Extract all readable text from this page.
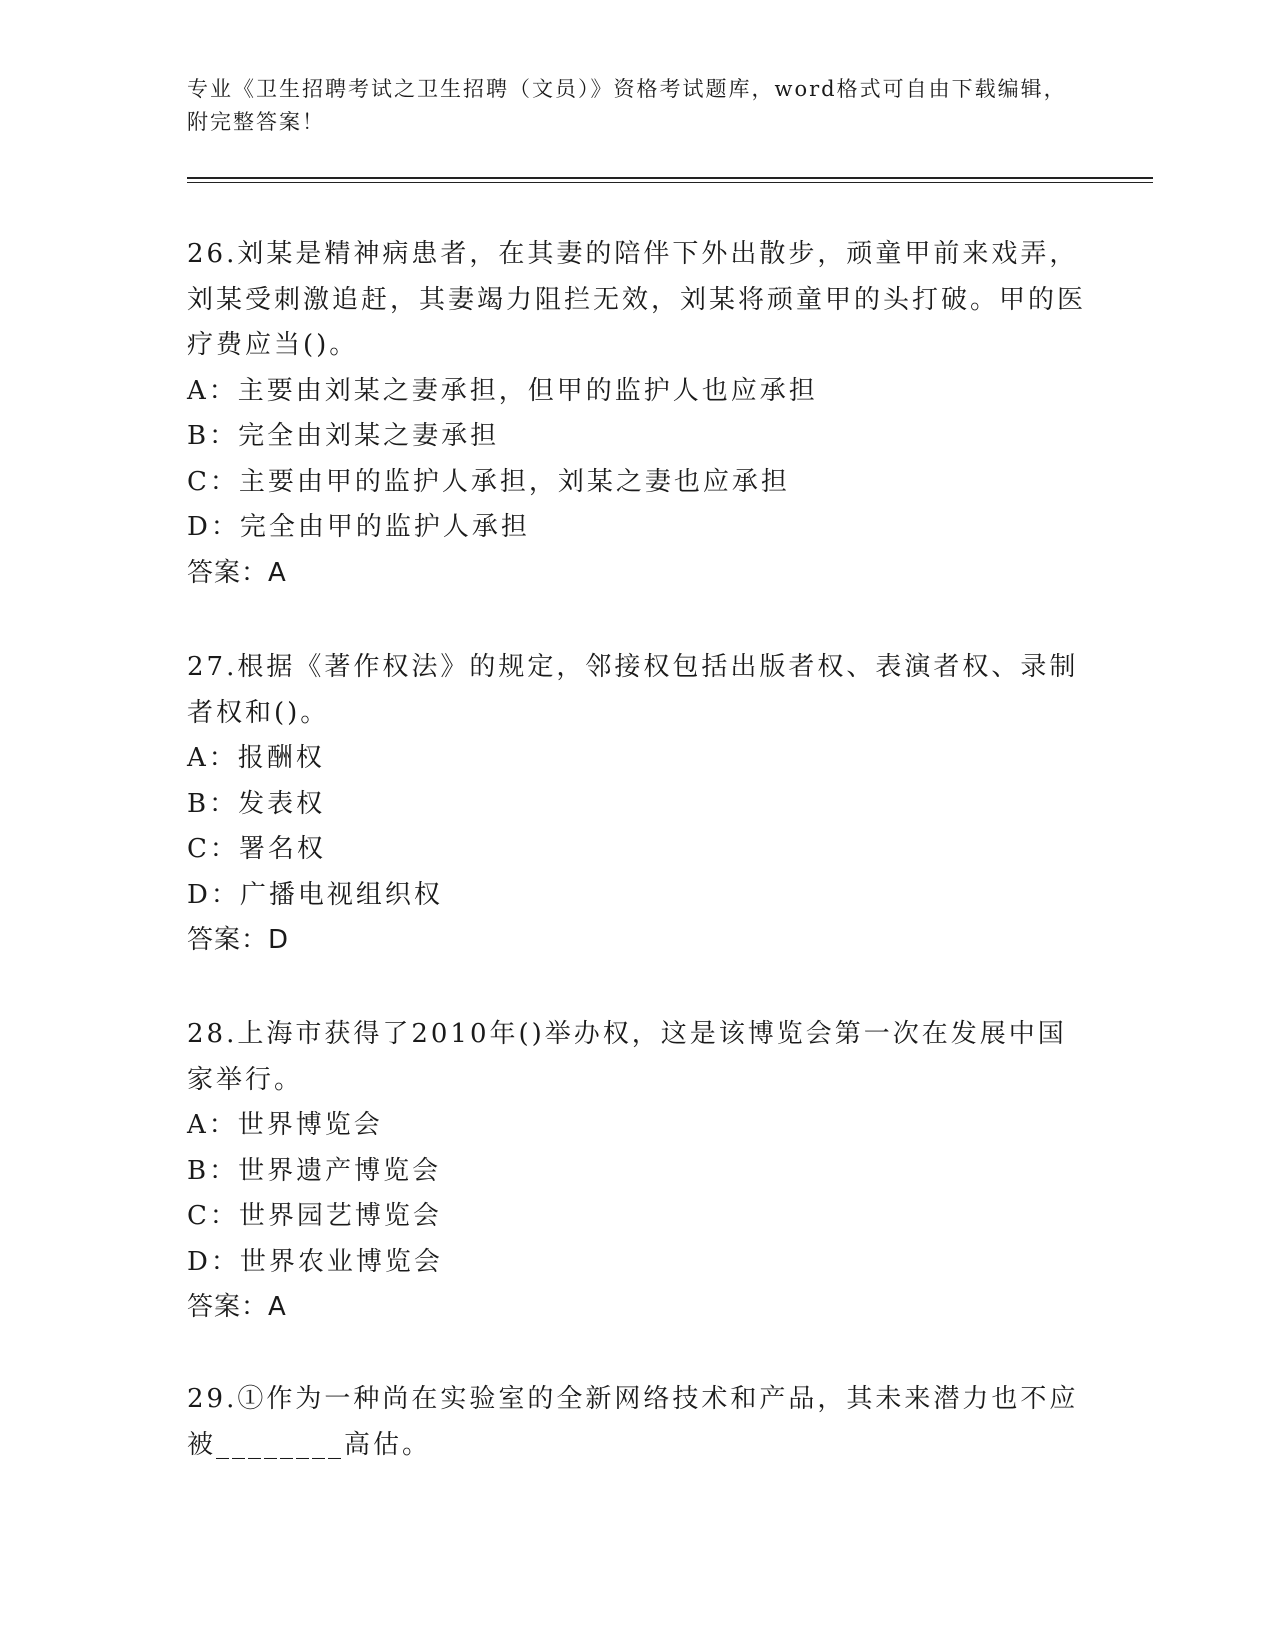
专业《卫生招聘考试之卫生招聘（文员）》资格考试题库，word格式可自由下载编辑，附完整答案！

26.刘某是精神病患者，在其妻的陪伴下外出散步，顽童甲前来戏弄，刘某受刺激追赶，其妻竭力阻拦无效，刘某将顽童甲的头打破。甲的医疗费应当()。

A：主要由刘某之妻承担，但甲的监护人也应承担

B：完全由刘某之妻承担

C：主要由甲的监护人承担，刘某之妻也应承担

D：完全由甲的监护人承担

答案：A

27.根据《著作权法》的规定，邻接权包括出版者权、表演者权、录制者权和()。

A：报酬权

B：发表权

C：署名权

D：广播电视组织权

答案：D

28.上海市获得了2010年()举办权，这是该博览会第一次在发展中国家举行。

A：世界博览会

B：世界遗产博览会

C：世界园艺博览会

D：世界农业博览会

答案：A

29.①作为一种尚在实验室的全新网络技术和产品，其未来潜力也不应被________高估。
